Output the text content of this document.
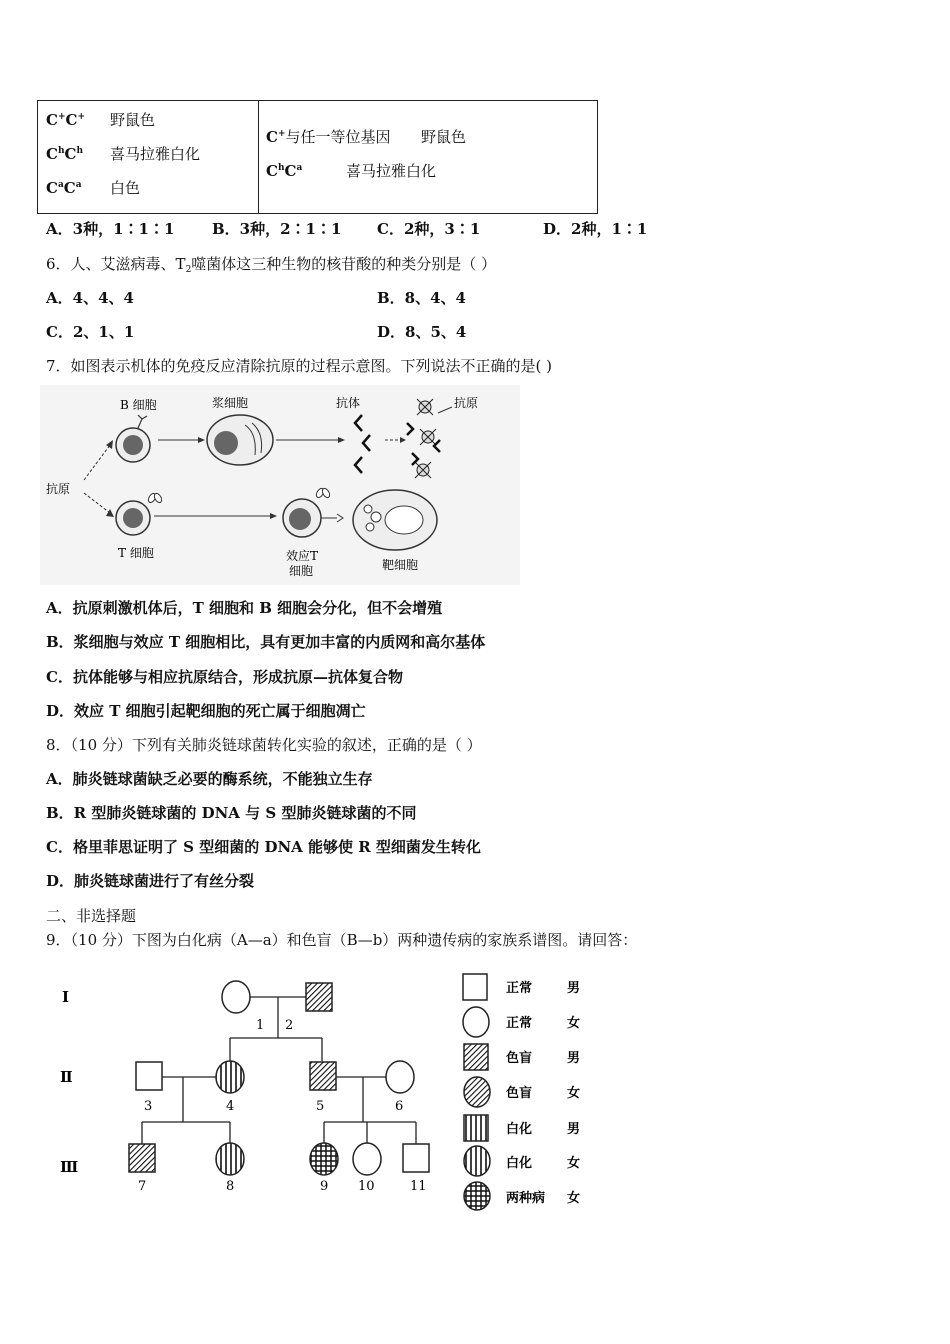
C+C+ 野鼠色
$C^hC^h$ 喜马拉雅白化
$C^aC^a$ 白色
C+与任一等位基因 野鼠色
$C^hC^a$	喜马拉雅白化
A．3种，1∶1∶1	B．3种，2∶1∶1 C．2种，3∶1	D．2种，1∶1
6．人、艾滋病毒、$T_2$噬菌体这三种生物的核苷酸的种类分别是（ ）
A．4、4、4	B．8、4、4
C．2、1、1	D．8、5、4
7．如图表示机体的免疫反应清除抗原的过程示意图。下列说法不正确的是( )
B 细胞	浆细胞	抗体	抗原
抗原
T 细胞	效应T
细胞	靶细胞
A．抗原刺激机体后，T 细胞和 B 细胞会分化，但不会增殖
B．浆细胞与效应 T 细胞相比，具有更加丰富的内质网和高尔基体
C．抗体能够与相应抗原结合，形成抗原—抗体复合物
D．效应 T 细胞引起靶细胞的死亡属于细胞凋亡
8．（10 分）下列有关肺炎链球菌转化实验的叙述，正确的是（ ）
A．肺炎链球菌缺乏必要的酶系统，不能独立生存
B．R 型肺炎链球菌的 DNA 与 S 型肺炎链球菌的不同
C．格里菲思证明了 S 型细菌的 DNA 能够使 R 型细菌发生转化
D．肺炎链球菌进行了有丝分裂
二、非选择题
9．（10 分）下图为白化病（A—a）和色盲（B—b）两种遗传病的家族系谱图。请回答：
I
Ⅱ
Ⅲ
1 2
3	4	5	6
7	8	9 10	11
正常	男
正常	女
色盲	男
色盲	女
白化	男
白化	女
两种病 女
